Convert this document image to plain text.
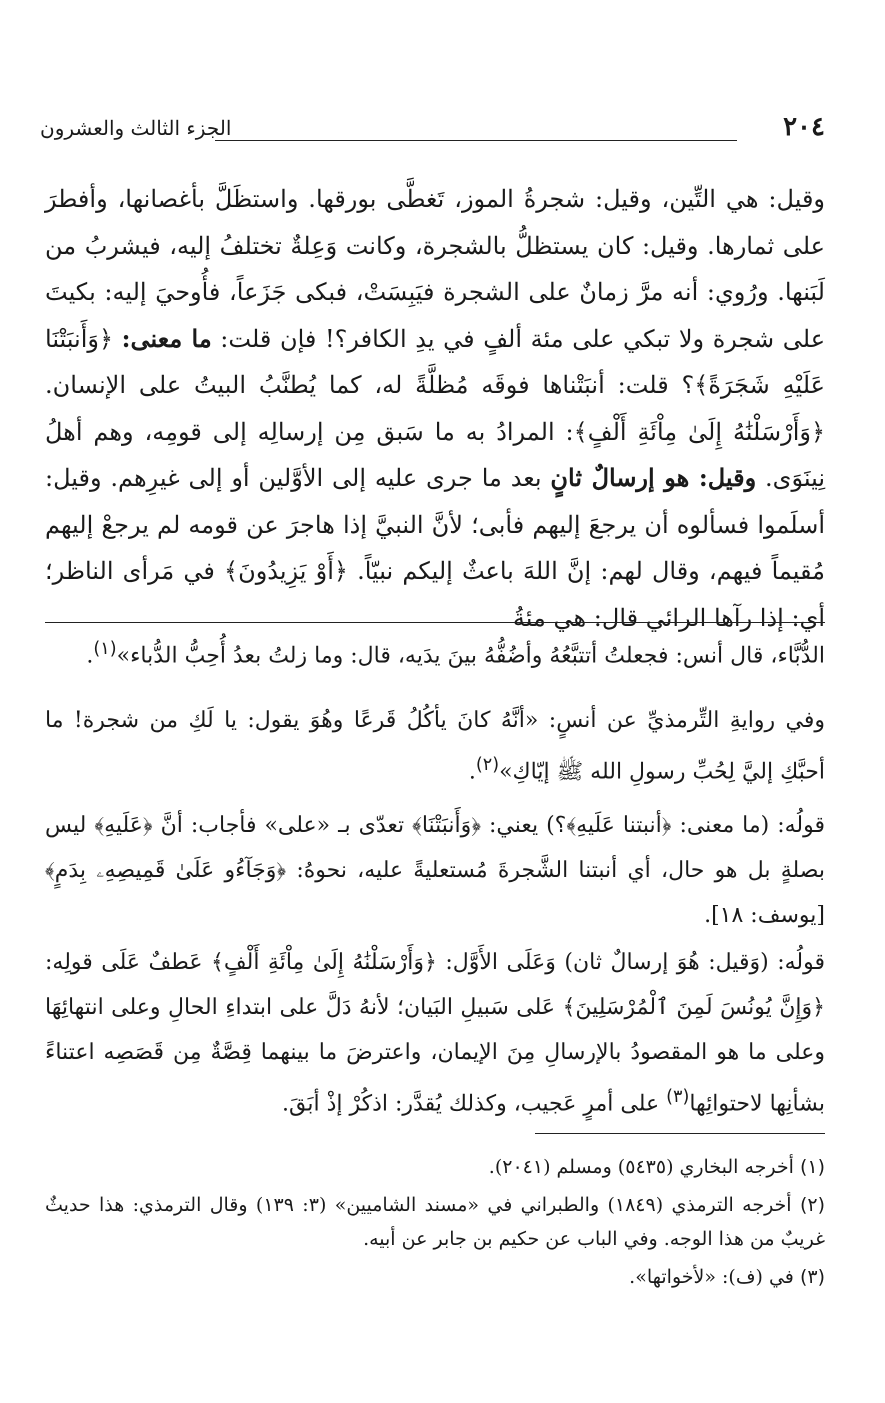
٢٠٤
الجزء الثالث والعشرون

وقيل: هي التِّين، وقيل: شجرةُ الموز، تَغطَّى بورقها. واستظَلَّ بأغصانها، وأفطرَ على ثمارها. وقيل: كان يستظلُّ بالشجرة، وكانت وَعِلةٌ تختلفُ إليه، فيشربُ من لَبَنها. ورُوي: أنه مرَّ زمانٌ على الشجرة فيَبِسَتْ، فبكى جَزَعاً، فأُوحيَ إليه: بكيتَ على شجرة ولا تبكي على مئة ألفٍ في يدِ الكافر؟! فإن قلت: ما معنى: ﴿وَأَنبَتْنَا عَلَيْهِ شَجَرَةً﴾؟ قلت: أنبَتْناها فوقَه مُظلَّةً له، كما يُطنَّبُ البيتُ على الإنسان. ﴿وَأَرْسَلْنَٰهُ إِلَىٰ مِاْئَةِ أَلْفٍ﴾: المرادُ به ما سَبق مِن إرسالِه إلى قومِه، وهم أهلُ نِينَوَى. وقيل: هو إرسالٌ ثانٍ بعد ما جرى عليه إلى الأوَّلين أو إلى غيرِهم. وقيل: أسلَموا فسألوه أن يرجعَ إليهم فأبى؛ لأنَّ النبيَّ إذا هاجرَ عن قومه لم يرجعْ إليهم مُقيماً فيهم، وقال لهم: إنَّ اللهَ باعثٌ إليكم نبيّاً. ﴿أَوْ يَزِيدُونَ﴾ في مَرأى الناظر؛ أي: إذا رآها الرائي قال: هي مئةُ

الدُّبَّاء، قال أنس: فجعلتُ أتتبَّعُهُ وأضُفُّهُ بينَ يدَيه، قال: وما زلتُ بعدُ أُحِبُّ الدُّباء»$^{(١)}$.

وفي روايةِ التِّرمذيِّ عن أنسٍ: «أنَّهُ كانَ يأكُلُ قَرعًا وهُوَ يقول: يا لَكِ من شجرة! ما أحبَّكِ إليَّ لِحُبِّ رسولِ الله ﷺ إيّاكِ»$^{(٢)}$.

قولُه: (ما معنى: ﴿أنبتنا عَلَيهِ﴾؟) يعني: ﴿وَأَنبَتْنَا﴾ تعدّى بـ «على» فأجاب: أنَّ ﴿عَلَيهِ﴾ ليس بصلةٍ بل هو حال، أي أنبتنا الشَّجرةَ مُستعليةً عليه، نحوهُ: ﴿وَجَآءُو عَلَىٰ قَمِيصِهِۦ بِدَمٍ﴾ [يوسف: ١٨].

قولُه: (وَقيل: هُوَ إرسالٌ ثان) وَعَلَى الأَوَّل: ﴿وَأَرْسَلْنَٰهُ إِلَىٰ مِاْئَةِ أَلْفٍ﴾ عَطفٌ عَلَى قولِه: ﴿وَإِنَّ يُونُسَ لَمِنَ ٱلْمُرْسَلِينَ﴾ عَلى سَبيلِ البَيان؛ لأنهُ دَلَّ على ابتداءِ الحالِ وعلى انتهائِهَا وعلى ما هو المقصودُ بالإرسالِ مِنَ الإيمان، واعترضَ ما بينهما قِصَّةٌ مِن قَصَصِه اعتناءً بشأنِها لاحتوائِها$^{(٣)}$ على أمرٍ عَجيب، وكذلك يُقدَّر: اذكُرْ إذْ أبَقَ.

(١) أخرجه البخاري (٥٤٣٥) ومسلم (٢٠٤١).

(٢) أخرجه الترمذي (١٨٤٩) والطبراني في «مسند الشاميين» (٣: ١٣٩) وقال الترمذي: هذا حديثٌ غريبٌ من هذا الوجه. وفي الباب عن حكيم بن جابر عن أبيه.

(٣) في (ف): «لأخواتها».
